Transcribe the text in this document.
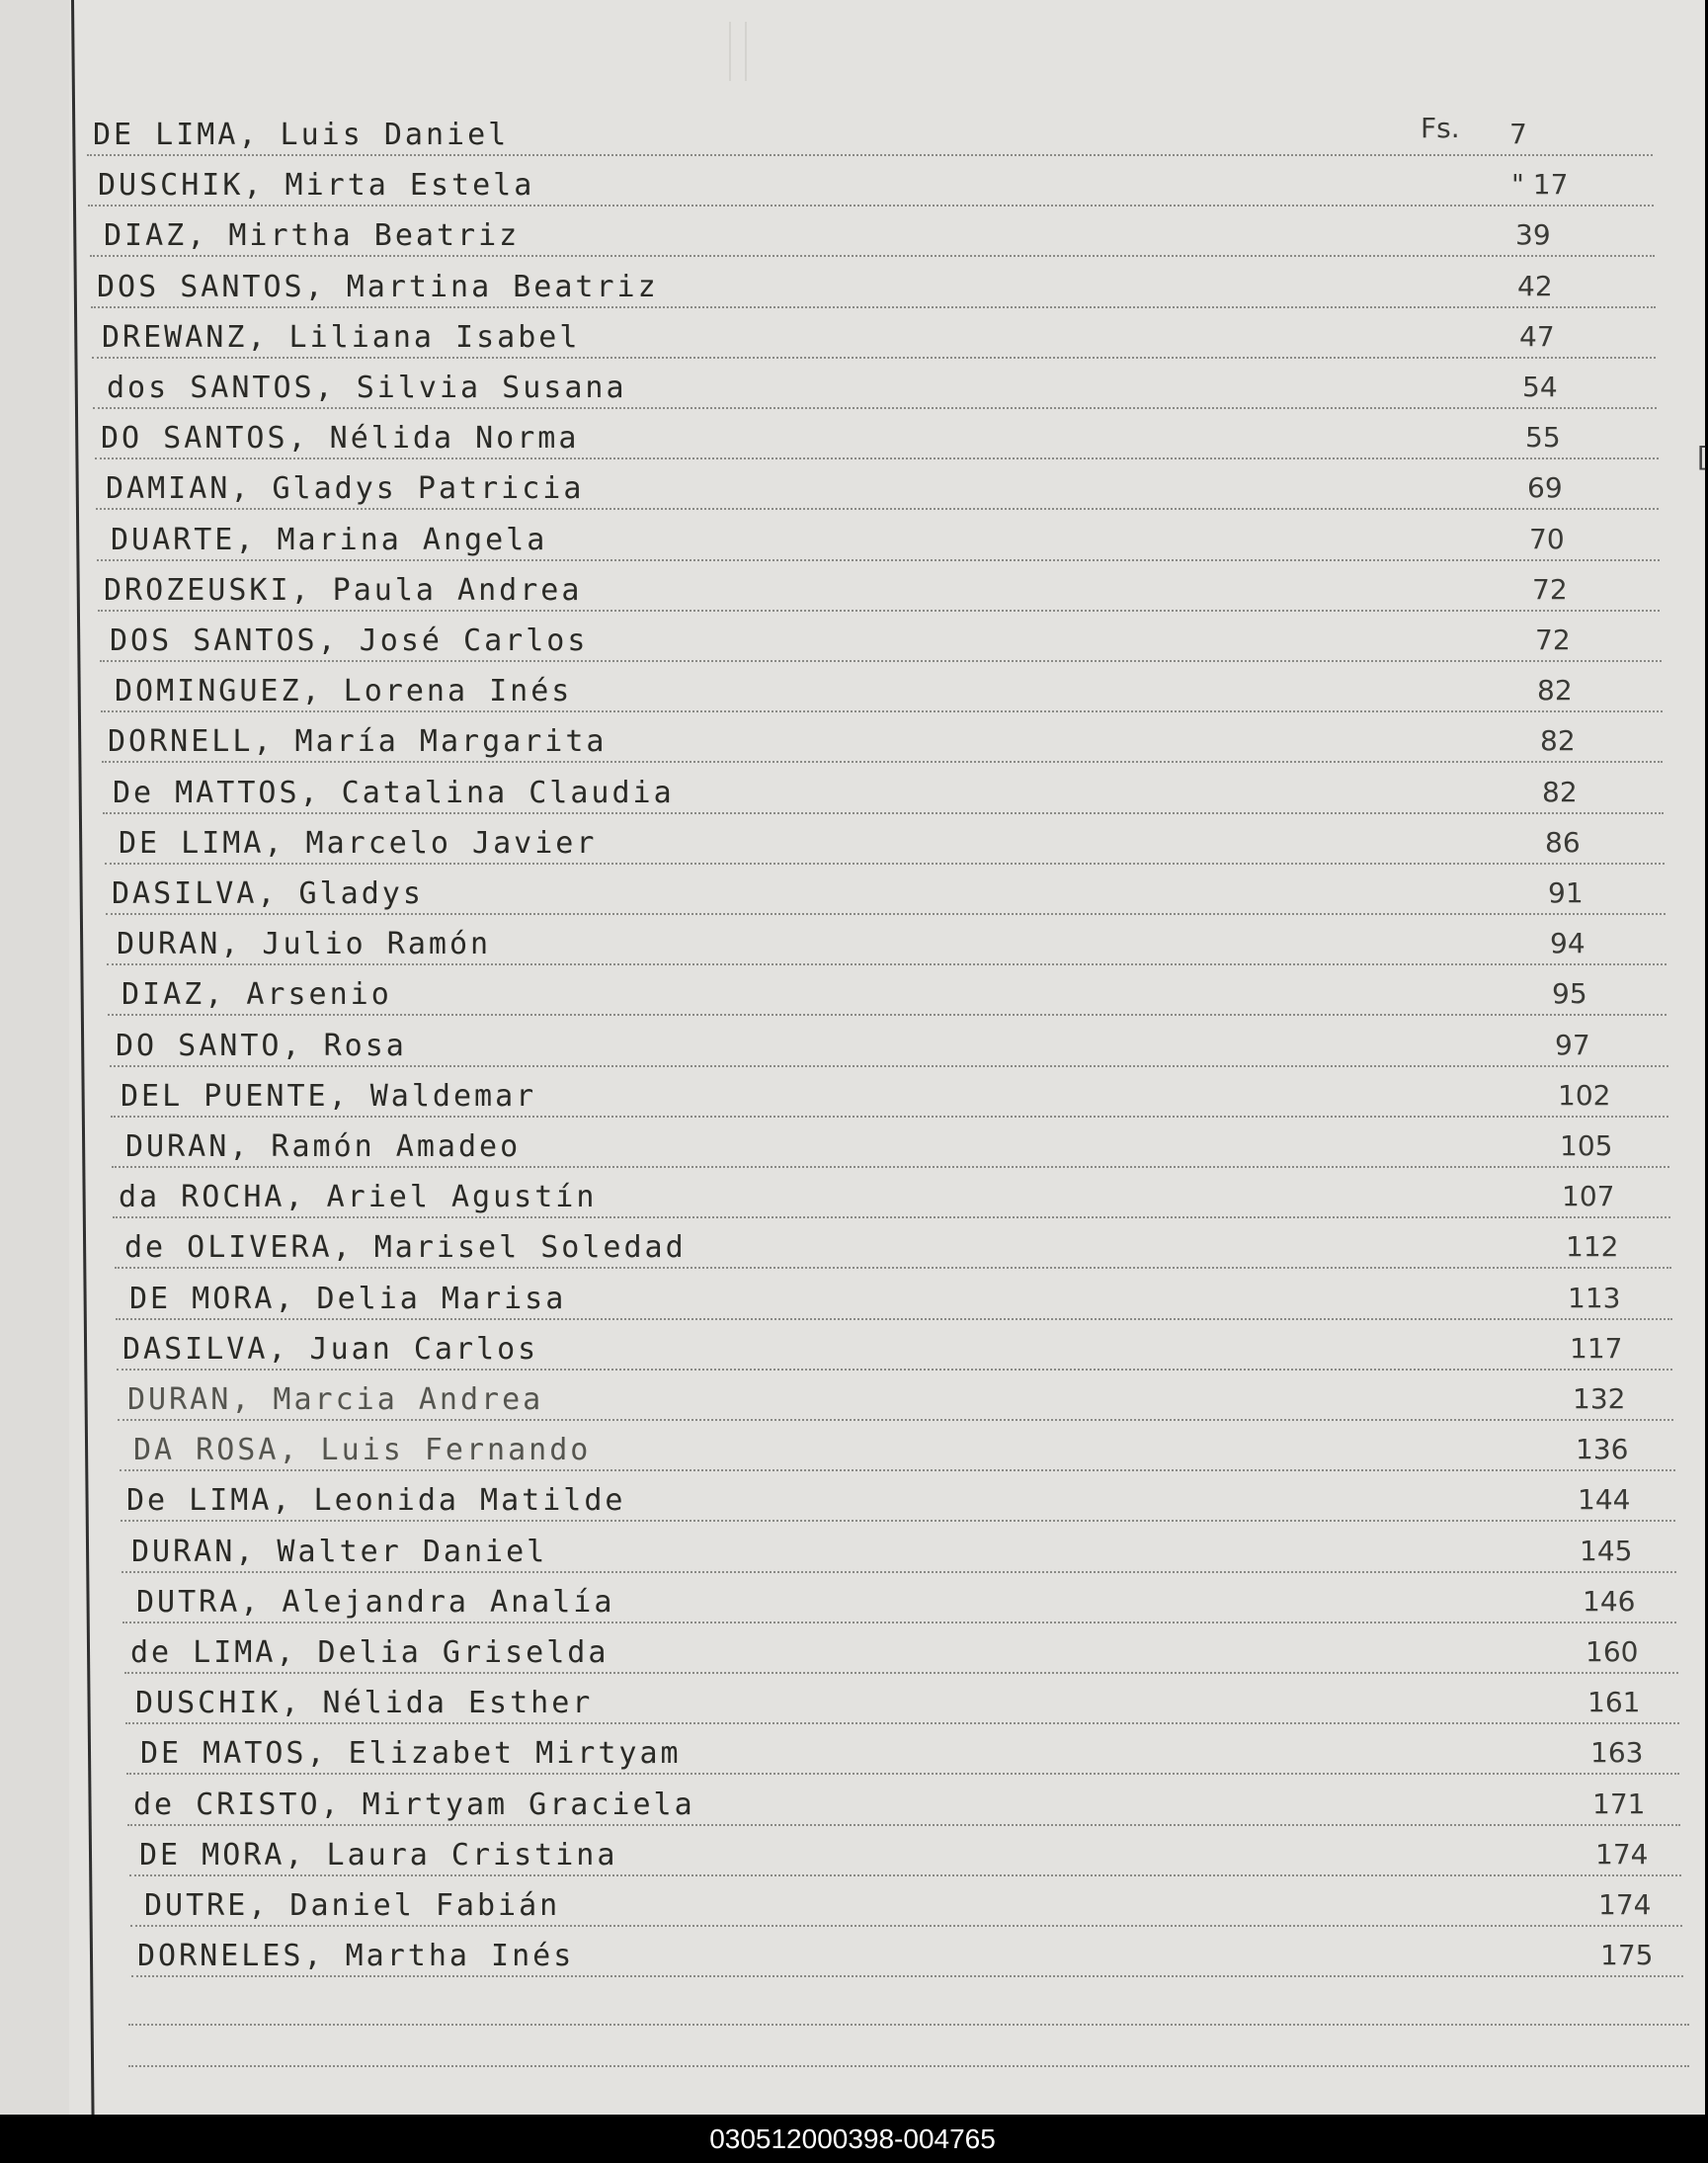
[
Fs.
DE LIMA, Luis Daniel	7
DUSCHIK, Mirta Estela	" 17
DIAZ, Mirtha Beatriz	39
DOS SANTOS, Martina Beatriz	42
DREWANZ, Liliana Isabel	47
dos SANTOS, Silvia Susana	54
DO SANTOS, Nélida Norma	55
DAMIAN, Gladys Patricia	69
DUARTE, Marina Angela	70
DROZEUSKI, Paula Andrea	72
DOS SANTOS, José Carlos	72
DOMINGUEZ, Lorena Inés	82
DORNELL, María Margarita	82
De MATTOS, Catalina Claudia	82
DE LIMA, Marcelo Javier	86
DASILVA, Gladys	91
DURAN, Julio Ramón	94
DIAZ, Arsenio	95
DO SANTO, Rosa	97
DEL PUENTE, Waldemar	102
DURAN, Ramón Amadeo	105
da ROCHA, Ariel Agustín	107
de OLIVERA, Marisel Soledad	112
DE MORA, Delia Marisa	113
DASILVA, Juan Carlos	117
DURAN, Marcia Andrea	132
DA ROSA, Luis Fernando	136
De LIMA, Leonida Matilde	144
DURAN, Walter Daniel	145
DUTRA, Alejandra Analía	146
de LIMA, Delia Griselda	160
DUSCHIK, Nélida Esther	161
DE MATOS, Elizabet Mirtyam	163
de CRISTO, Mirtyam Graciela	171
DE MORA, Laura Cristina	174
DUTRE, Daniel Fabián	174
DORNELES, Martha Inés	175
030512000398-004765
